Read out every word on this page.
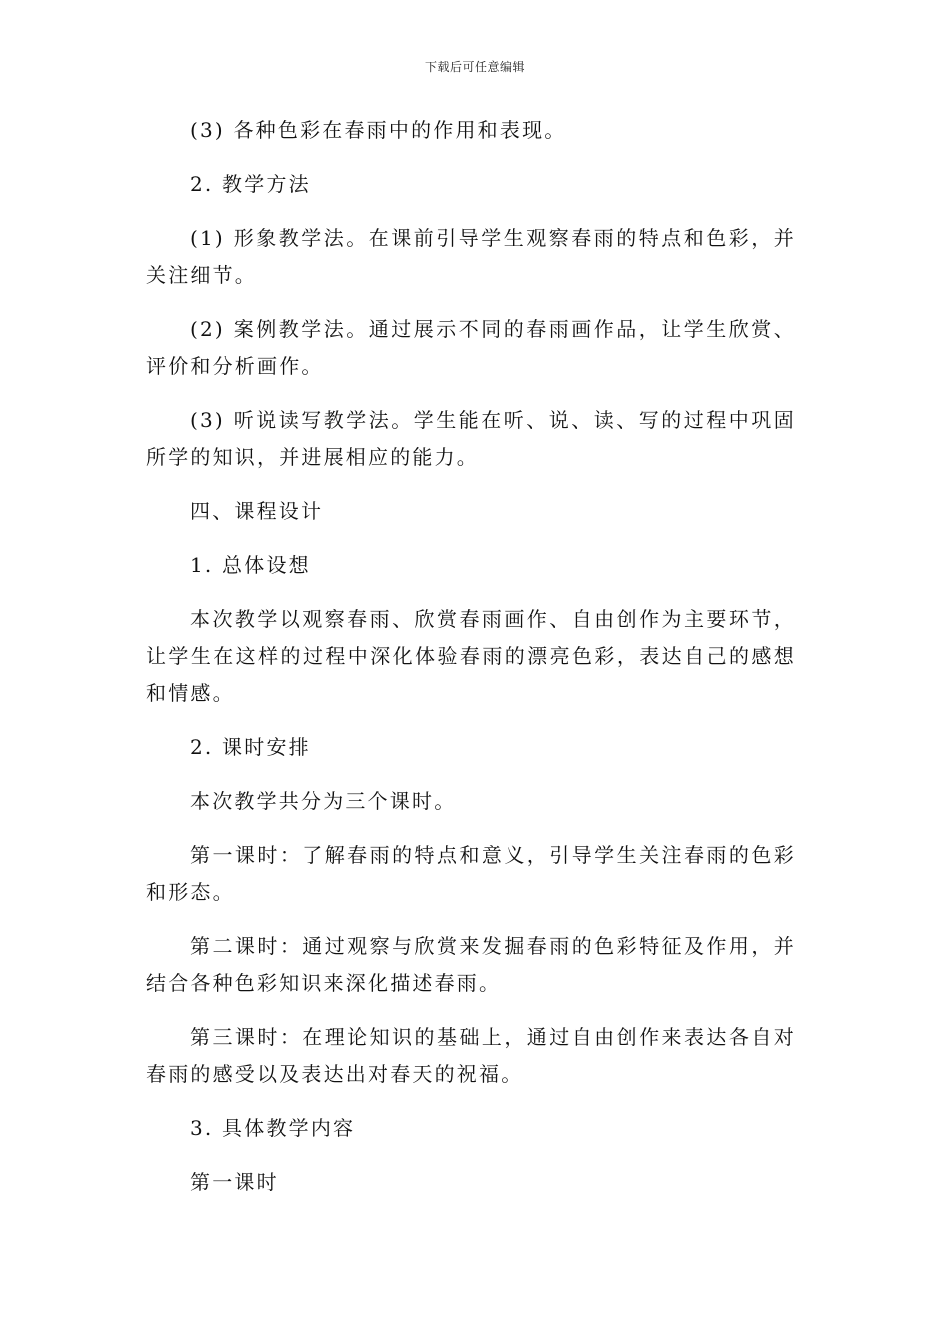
下载后可任意编辑

(3) 各种色彩在春雨中的作用和表现。

2. 教学方法

(1) 形象教学法。在课前引导学生观察春雨的特点和色彩，并关注细节。

(2) 案例教学法。通过展示不同的春雨画作品，让学生欣赏、评价和分析画作。

(3) 听说读写教学法。学生能在听、说、读、写的过程中巩固所学的知识，并进展相应的能力。

四、课程设计

1. 总体设想

本次教学以观察春雨、欣赏春雨画作、自由创作为主要环节，让学生在这样的过程中深化体验春雨的漂亮色彩，表达自己的感想和情感。

2. 课时安排

本次教学共分为三个课时。

第一课时：了解春雨的特点和意义，引导学生关注春雨的色彩和形态。

第二课时：通过观察与欣赏来发掘春雨的色彩特征及作用，并结合各种色彩知识来深化描述春雨。

第三课时：在理论知识的基础上，通过自由创作来表达各自对春雨的感受以及表达出对春天的祝福。

3. 具体教学内容

第一课时
